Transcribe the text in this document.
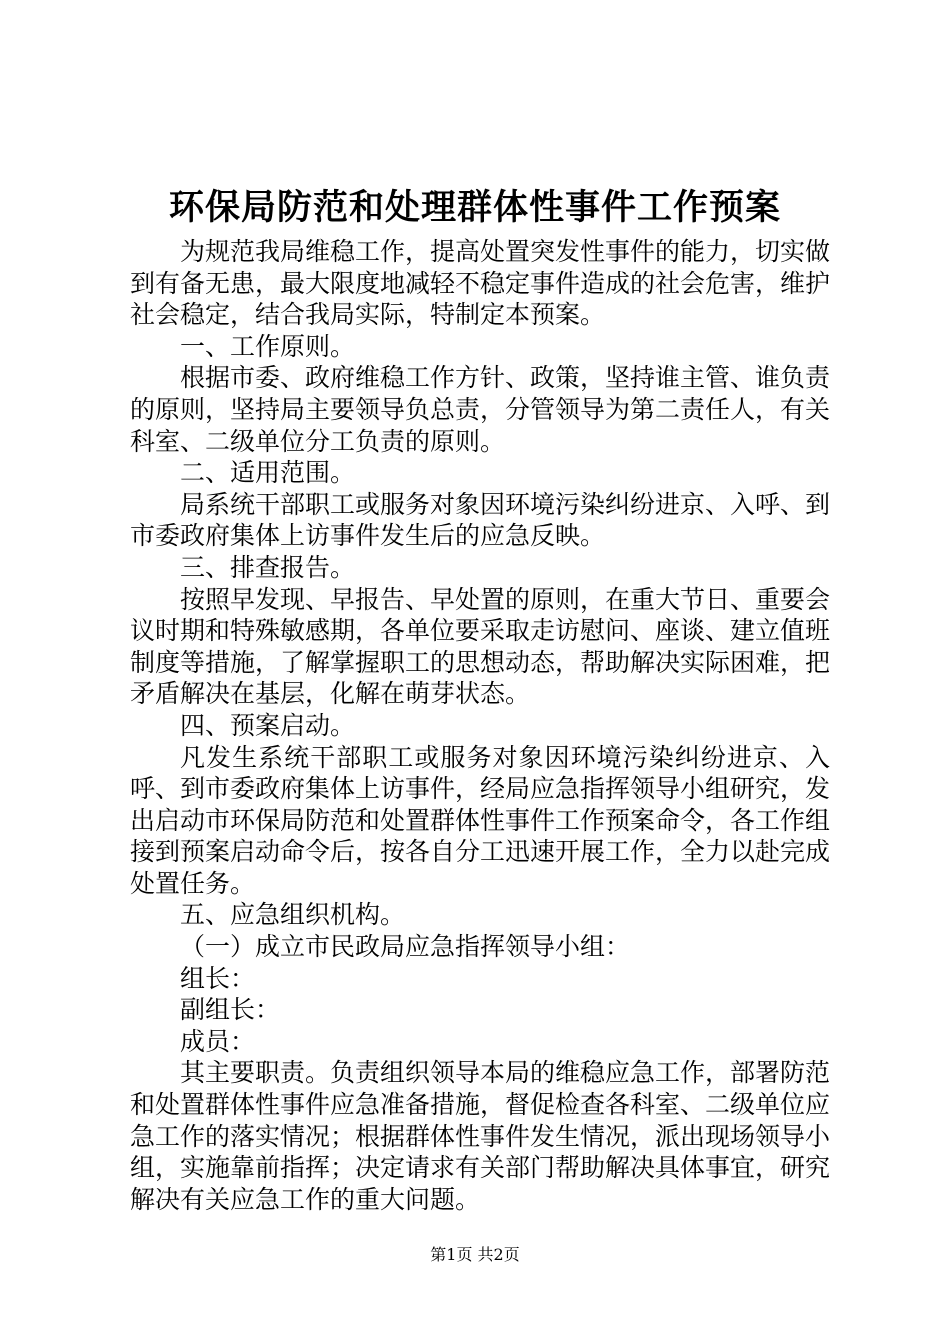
环保局防范和处理群体性事件工作预案

为规范我局维稳工作，提高处置突发性事件的能力，切实做到有备无患，最大限度地减轻不稳定事件造成的社会危害，维护社会稳定，结合我局实际，特制定本预案。

一、工作原则。

根据市委、政府维稳工作方针、政策，坚持谁主管、谁负责的原则，坚持局主要领导负总责，分管领导为第二责任人，有关科室、二级单位分工负责的原则。

二、适用范围。

局系统干部职工或服务对象因环境污染纠纷进京、入呼、到市委政府集体上访事件发生后的应急反映。

三、排查报告。

按照早发现、早报告、早处置的原则，在重大节日、重要会议时期和特殊敏感期，各单位要采取走访慰问、座谈、建立值班制度等措施，了解掌握职工的思想动态，帮助解决实际困难，把矛盾解决在基层，化解在萌芽状态。

四、预案启动。

凡发生系统干部职工或服务对象因环境污染纠纷进京、入呼、到市委政府集体上访事件，经局应急指挥领导小组研究，发出启动市环保局防范和处置群体性事件工作预案命令，各工作组接到预案启动命令后，按各自分工迅速开展工作，全力以赴完成处置任务。

五、应急组织机构。

（一）成立市民政局应急指挥领导小组：

组长：

副组长：

成员：

其主要职责。负责组织领导本局的维稳应急工作，部署防范和处置群体性事件应急准备措施，督促检查各科室、二级单位应急工作的落实情况；根据群体性事件发生情况，派出现场领导小组，实施靠前指挥；决定请求有关部门帮助解决具体事宜，研究解决有关应急工作的重大问题。

第1页 共2页
